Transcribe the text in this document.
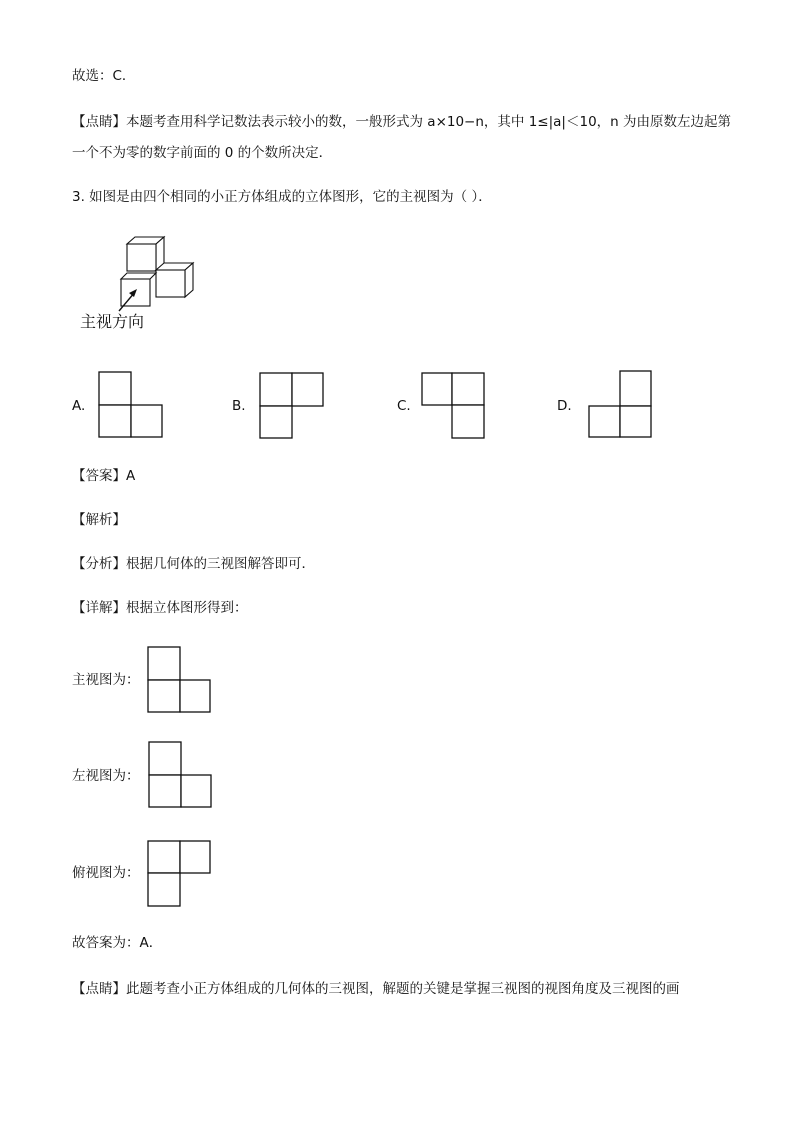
故选：C．
【点睛】本题考查用科学记数法表示较小的数，一般形式为 a×10−n，其中 1≤|a|＜10，n 为由原数左边起第
一个不为零的数字前面的 0 的个数所决定．
3. 如图是由四个相同的小正方体组成的立体图形，它的主视图为（ ）．
主视方向
A.	B.	C.	D.
【答案】A
【解析】
【分析】根据几何体的三视图解答即可．
【详解】根据立体图形得到：
主视图为：
左视图为：
俯视图为：
故答案为：A．
【点睛】此题考查小正方体组成的几何体的三视图，解题的关键是掌握三视图的视图角度及三视图的画
